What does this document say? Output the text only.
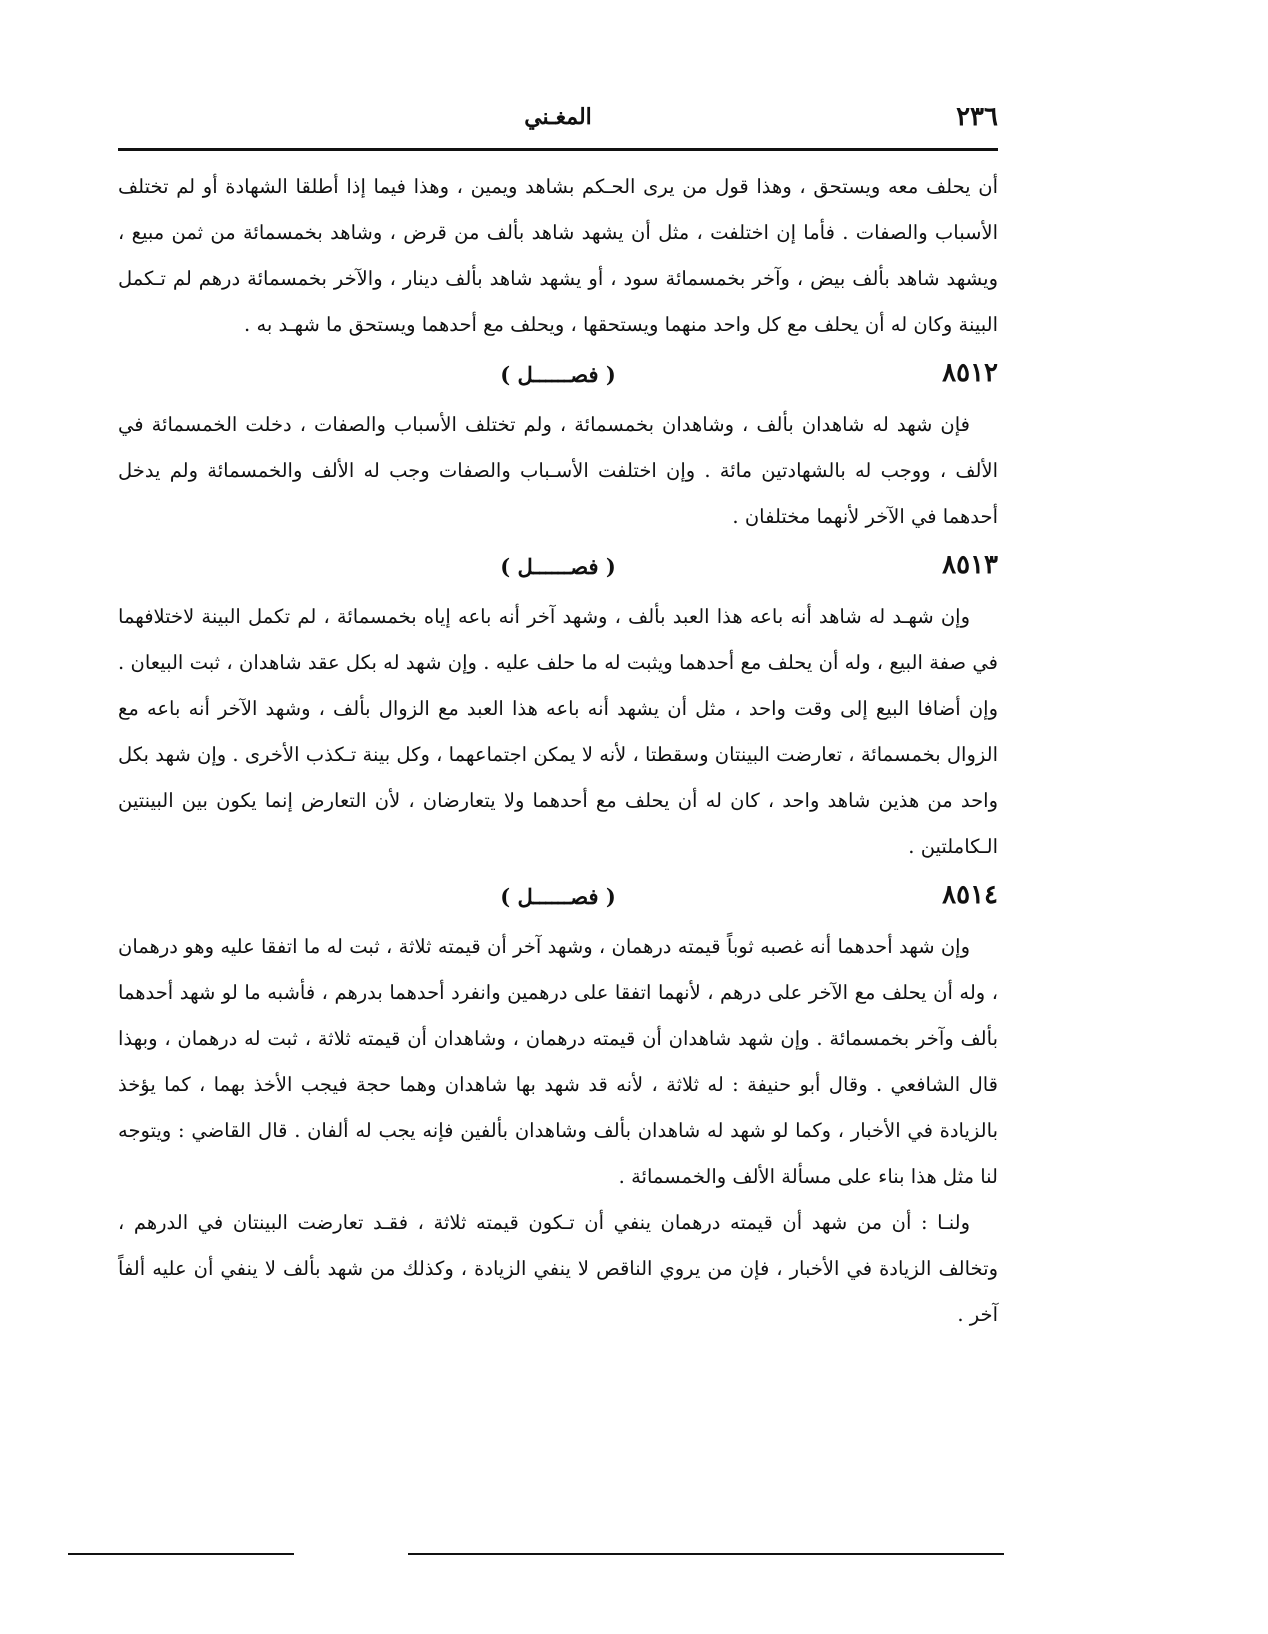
٢٣٦
المغـني

أن يحلف معه ويستحق ، وهذا قول من يرى الحـكم بشاهد ويمين ، وهذا فيما إذا أطلقا الشهادة أو لم تختلف الأسباب والصفات . فأما إن اختلفت ، مثل أن يشهد شاهد بألف من قرض ، وشاهد بخمسمائة من ثمن مبيع ، ويشهد شاهد بألف بيض ، وآخر بخمسمائة سود ، أو يشهد شاهد بألف دينار ، والآخر بخمسمائة درهم لم تـكمل البينة وكان له أن يحلف مع كل واحد منهما ويستحقها ، ويحلف مع أحدهما ويستحق ما شهـد به .

٨٥١٢
( فصــــــل )

فإن شهد له شاهدان بألف ، وشاهدان بخمسمائة ، ولم تختلف الأسباب والصفات ، دخلت الخمسمائة في الألف ، ووجب له بالشهادتين مائة . وإن اختلفت الأسـباب والصفات وجب له الألف والخمسمائة ولم يدخل أحدهما في الآخر لأنهما مختلفان .

٨٥١٣
( فصــــــل )

وإن شهـد له شاهد أنه باعه هذا العبد بألف ، وشهد آخر أنه باعه إياه بخمسمائة ، لم تكمل البينة لاختلافهما في صفة البيع ، وله أن يحلف مع أحدهما ويثبت له ما حلف عليه . وإن شهد له بكل عقد شاهدان ، ثبت البيعان . وإن أضافا البيع إلى وقت واحد ، مثل أن يشهد أنه باعه هذا العبد مع الزوال بألف ، وشهد الآخر أنه باعه مع الزوال بخمسمائة ، تعارضت البينتان وسقطتا ، لأنه لا يمكن اجتماعهما ، وكل بينة تـكذب الأخرى . وإن شهد بكل واحد من هذين شاهد واحد ، كان له أن يحلف مع أحدهما ولا يتعارضان ، لأن التعارض إنما يكون بين البينتين الـكاملتين .

٨٥١٤
( فصــــــل )

وإن شهد أحدهما أنه غصبه ثوباً قيمته درهمان ، وشهد آخر أن قيمته ثلاثة ، ثبت له ما اتفقا عليه وهو درهمان ، وله أن يحلف مع الآخر على درهم ، لأنهما اتفقا على درهمين وانفرد أحدهما بدرهم ، فأشبه ما لو شهد أحدهما بألف وآخر بخمسمائة . وإن شهد شاهدان أن قيمته درهمان ، وشاهدان أن قيمته ثلاثة ، ثبت له درهمان ، وبهذا قال الشافعي . وقال أبو حنيفة : له ثلاثة ، لأنه قد شهد بها شاهدان وهما حجة فيجب الأخذ بهما ، كما يؤخذ بالزيادة في الأخبار ، وكما لو شهد له شاهدان بألف وشاهدان بألفين فإنه يجب له ألفان . قال القاضي : ويتوجه لنا مثل هذا بناء على مسألة الألف والخمسمائة .

ولنـا : أن من شهد أن قيمته درهمان ينفي أن تـكون قيمته ثلاثة ، فقـد تعارضت البينتان في الدرهم ، وتخالف الزيادة في الأخبار ، فإن من يروي الناقص لا ينفي الزيادة ، وكذلك من شهد بألف لا ينفي أن عليه ألفاً آخر .
